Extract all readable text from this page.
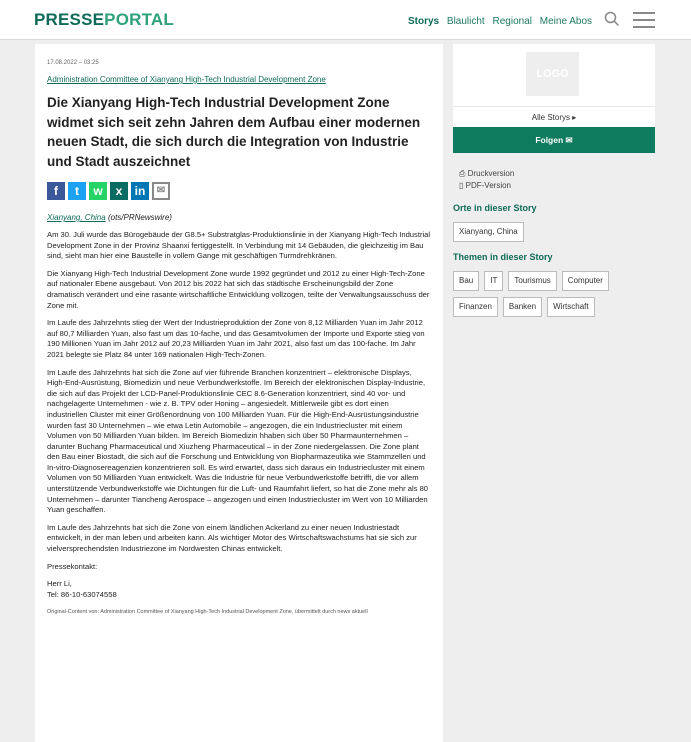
PRESSEPORTAL	Storys Blaulicht Regional Meine Abos
17.08.2022 – 03:25
Administration Committee of Xianyang High-Tech Industrial Development Zone
Die Xianyang High-Tech Industrial Development Zone widmet sich seit zehn Jahren dem Aufbau einer modernen neuen Stadt, die sich durch die Integration von Industrie und Stadt auszeichnet
f t w x in ✉
Xianyang, China (ots/PRNewswire)
Am 30. Juli wurde das Bürogebäude der G8.5+ Substratglas-Produktionslinie in der Xianyang High-Tech Industrial Development Zone in der Provinz Shaanxi fertiggestellt. In Verbindung mit 14 Gebäuden, die gleichzeitig im Bau sind, sieht man hier eine Baustelle in vollem Gange mit geschäftigen Turmdrehkränen.
Die Xianyang High-Tech Industrial Development Zone wurde 1992 gegründet und 2012 zu einer High-Tech-Zone auf nationaler Ebene ausgebaut. Von 2012 bis 2022 hat sich das städtische Erscheinungsbild der Zone dramatisch verändert und eine rasante wirtschaftliche Entwicklung vollzogen, teilte der Verwaltungsausschuss der Zone mit.
Im Laufe des Jahrzehnts stieg der Wert der Industrieproduktion der Zone von 8,12 Milliarden Yuan im Jahr 2012 auf 80,7 Milliarden Yuan, also fast um das 10-fache, und das Gesamtvolumen der Importe und Exporte stieg von 190 Millionen Yuan im Jahr 2012 auf 20,23 Milliarden Yuan im Jahr 2021, also fast um das 100-fache. Im Jahr 2021 belegte sie Platz 84 unter 169 nationalen High-Tech-Zonen.
Im Laufe des Jahrzehnts hat sich die Zone auf vier führende Branchen konzentriert – elektronische Displays, High-End-Ausrüstung, Biomedizin und neue Verbundwerkstoffe. Im Bereich der elektronischen Display-Industrie, die sich auf das Projekt der LCD-Panel-Produktionslinie CEC 8.6-Generation konzentriert, sind 40 vor- und nachgelagerte Unternehmen - wie z. B. TPV oder Honing – angesiedelt. Mittlerweile gibt es dort einen industriellen Cluster mit einer Größenordnung von 100 Milliarden Yuan. Für die High-End-Ausrüstungsindustrie wurden fast 30 Unternehmen – wie etwa Letin Automobile – angezogen, die ein Industriecluster mit einem Volumen von 50 Milliarden Yuan bilden. Im Bereich Biomedizin hhaben sich über 50 Pharmaunternehmen – darunter Buchang Pharmaceutical und Xiuzheng Pharmaceutical – in der Zone niedergelassen. Die Zone plant den Bau einer Biostadt, die sich auf die Forschung und Entwicklung von Biopharmazeutika wie Stammzellen und In-vitro-Diagnosereagenzien konzentrieren soll. Es wird erwartet, dass sich daraus ein Industriecluster mit einem Volumen von 50 Milliarden Yuan entwickelt. Was die Industrie für neue Verbundwerkstoffe betrifft, die vor allem unterstützende Verbundwerkstoffe wie Dichtungen für die Luft- und Raumfahrt liefert, so hat die Zone mehr als 80 Unternehmen – darunter Tiancheng Aerospace – angezogen und einen Industriecluster im Wert von 10 Milliarden Yuan geschaffen.
Im Laufe des Jahrzehnts hat sich die Zone von einem ländlichen Ackerland zu einer neuen Industriestadt entwickelt, in der man leben und arbeiten kann. Als wichtiger Motor des Wirtschaftswachstums hat sie sich zur vielversprechendsten Industriezone im Nordwesten Chinas entwickelt.
Pressekontakt:
Herr Li,
Tel: 86-10-63074558
Original-Content von: Administration Committee of Xianyang High-Tech Industrial Development Zone, übermittelt durch news aktuell
LOGO
Alle Storys ▸
Folgen ✉
⎙ Druckversion
▯ PDF-Version
Orte in dieser Story
Xianyang, China
Themen in dieser Story
Bau IT Tourismus ComputerFinanzen Banken Wirtschaft
